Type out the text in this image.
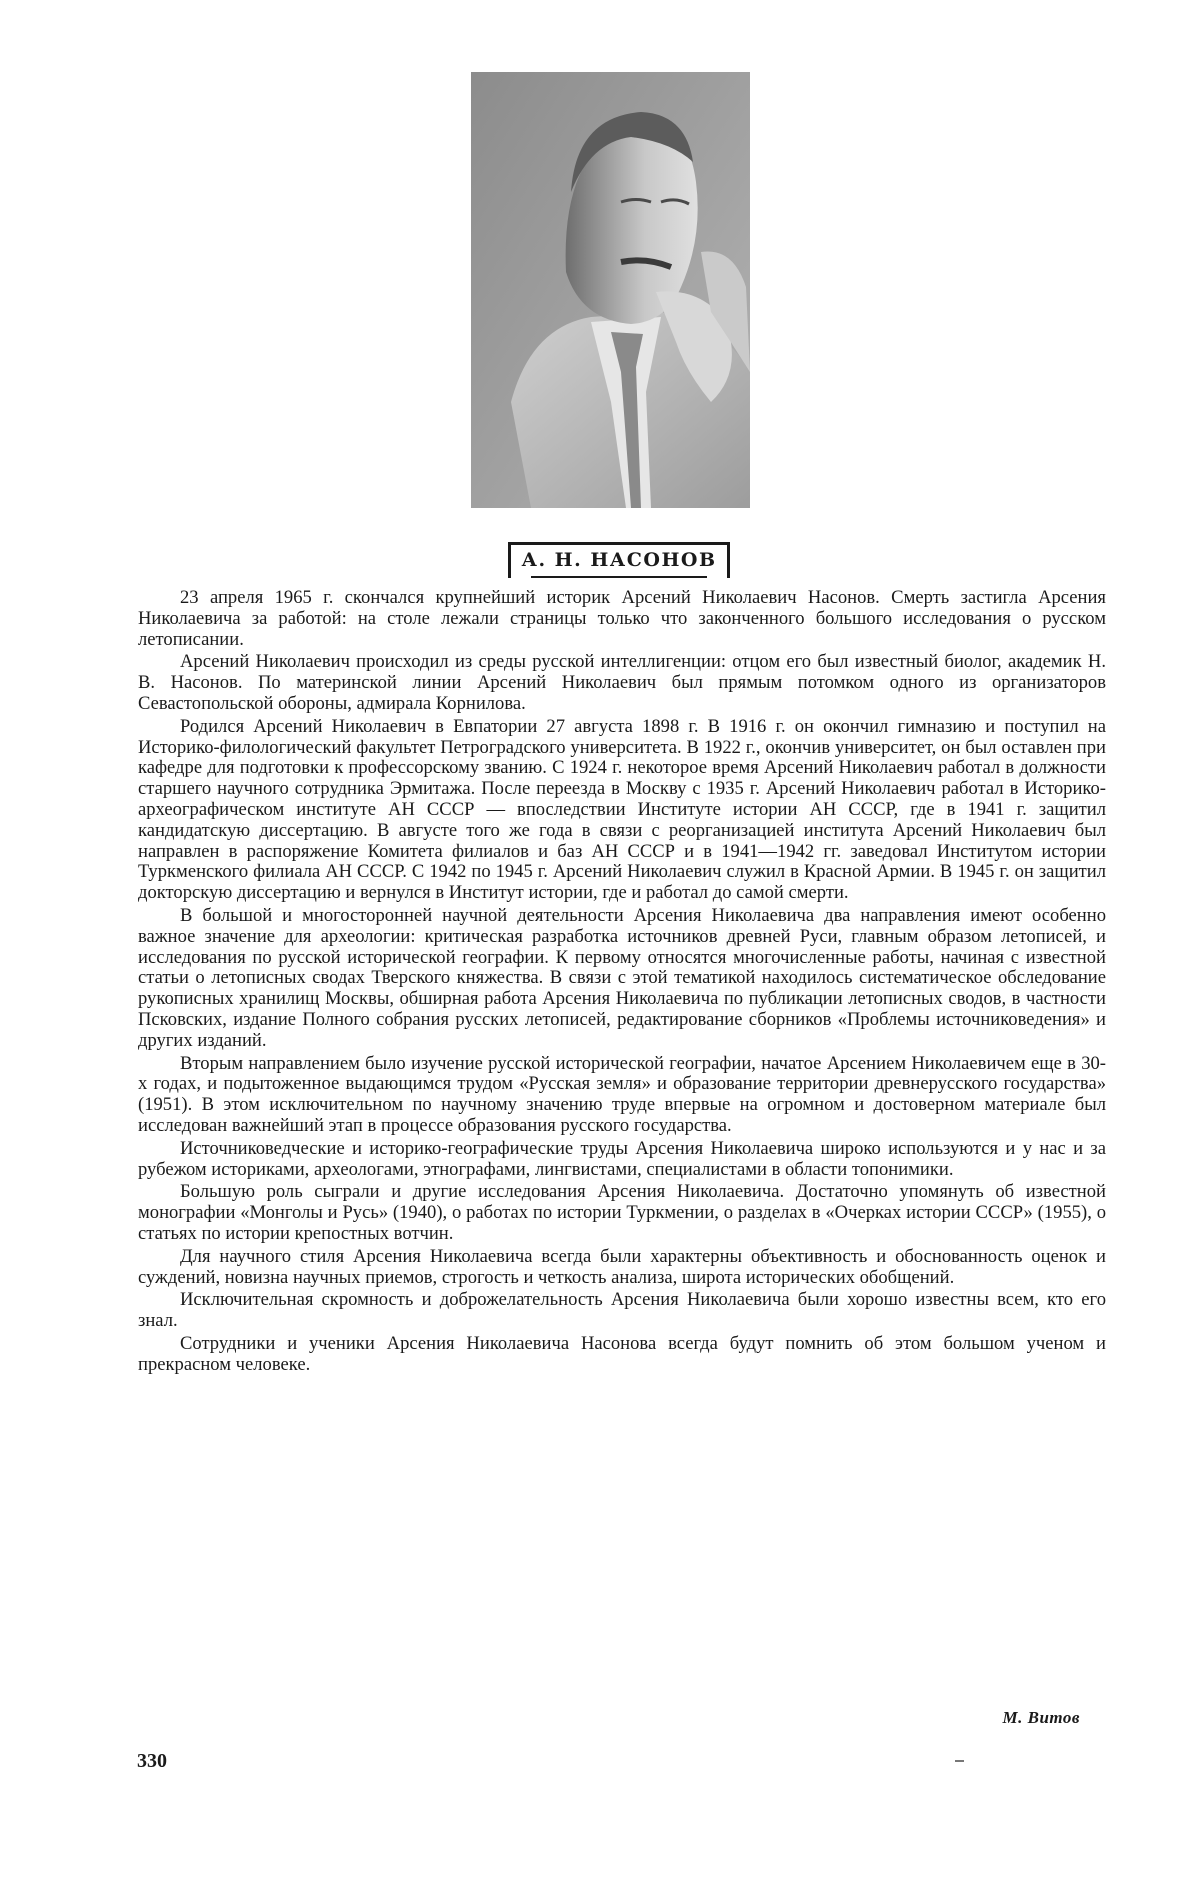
А. Н. НАСОНОВ

23 апреля 1965 г. скончался крупнейший историк Арсений Николаевич Насонов. Смерть застигла Арсения Николаевича за работой: на столе лежали страницы только что законченного большого исследования о русском летописании.

Арсений Николаевич происходил из среды русской интеллигенции: отцом его был известный биолог, академик Н. В. Насонов. По материнской линии Арсений Николаевич был прямым потомком одного из организаторов Севастопольской обороны, адмирала Корнилова.

Родился Арсений Николаевич в Евпатории 27 августа 1898 г. В 1916 г. он окончил гимназию и поступил на Историко-филологический факультет Петроградского университета. В 1922 г., окончив университет, он был оставлен при кафедре для подготовки к профессорскому званию. С 1924 г. некоторое время Арсений Николаевич работал в должности старшего научного сотрудника Эрмитажа. После переезда в Москву с 1935 г. Арсений Николаевич работал в Историко-археографическом институте АН СССР — впоследствии Институте истории АН СССР, где в 1941 г. защитил кандидатскую диссертацию. В августе того же года в связи с реорганизацией института Арсений Николаевич был направлен в распоряжение Комитета филиалов и баз АН СССР и в 1941—1942 гг. заведовал Институтом истории Туркменского филиала АН СССР. С 1942 по 1945 г. Арсений Николаевич служил в Красной Армии. В 1945 г. он защитил докторскую диссертацию и вернулся в Институт истории, где и работал до самой смерти.

В большой и многосторонней научной деятельности Арсения Николаевича два направления имеют особенно важное значение для археологии: критическая разработка источников древней Руси, главным образом летописей, и исследования по русской исторической географии. К первому относятся многочисленные работы, начиная с известной статьи о летописных сводах Тверского княжества. В связи с этой тематикой находилось систематическое обследование рукописных хранилищ Москвы, обширная работа Арсения Николаевича по публикации летописных сводов, в частности Псковских, издание Полного собрания русских летописей, редактирование сборников «Проблемы источниковедения» и других изданий.

Вторым направлением было изучение русской исторической географии, начатое Арсением Николаевичем еще в 30-х годах, и подытоженное выдающимся трудом «Русская земля» и образование территории древнерусского государства» (1951). В этом исключительном по научному значению труде впервые на огромном и достоверном материале был исследован важнейший этап в процессе образования русского государства.

Источниковедческие и историко-географические труды Арсения Николаевича широко используются и у нас и за рубежом историками, археологами, этнографами, лингвистами, специалистами в области топонимики.

Большую роль сыграли и другие исследования Арсения Николаевича. Достаточно упомянуть об известной монографии «Монголы и Русь» (1940), о работах по истории Туркмении, о разделах в «Очерках истории СССР» (1955), о статьях по истории крепостных вотчин.

Для научного стиля Арсения Николаевича всегда были характерны объективность и обоснованность оценок и суждений, новизна научных приемов, строгость и четкость анализа, широта исторических обобщений.

Исключительная скромность и доброжелательность Арсения Николаевича были хорошо известны всем, кто его знал.

Сотрудники и ученики Арсения Николаевича Насонова всегда будут помнить об этом большом ученом и прекрасном человеке.

М. Витов
330
